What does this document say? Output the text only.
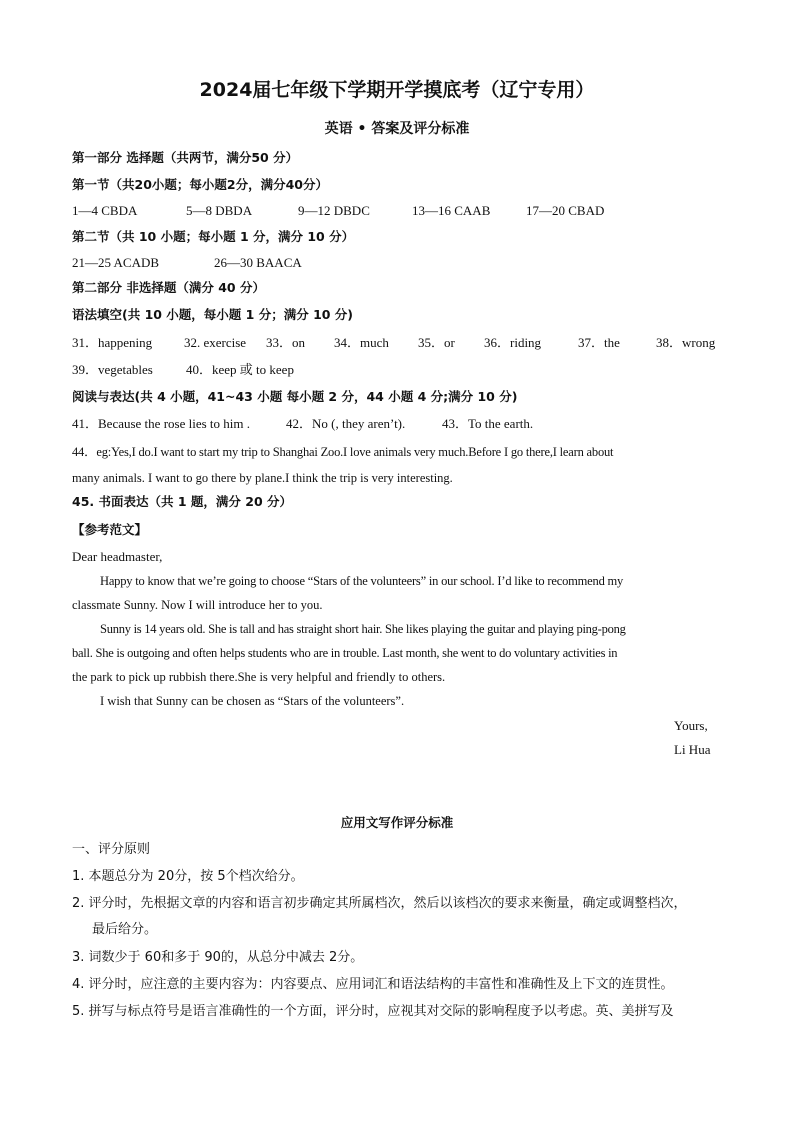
2024届七年级下学期开学摸底考（辽宁专用）
英语 • 答案及评分标准
第一部分 选择题（共两节，满分50 分）
第一节（共20小题；每小题2分，满分40分）
1—4 CBDA	5—8 DBDA	9—12 DBDC	13—16 CAAB	17—20 CBAD
第二节（共 10 小题；每小题 1 分，满分 10 分）
21—25 ACADB	26—30 BAACA
第二部分 非选择题（满分 40 分）
语法填空(共 10 小题，每小题 1 分；满分 10 分)
31．happening 32. exercise 33．on 34．much 35．or 36．riding	37．the	38．wrong
39．vegetables	40．keep 或 to keep
阅读与表达(共 4 小题，41~43 小题 每小题 2 分，44 小题 4 分;满分 10 分)
41．Because the rose lies to him .	42．No (, they aren’t).	43．To the earth.
44．eg:Yes,I do.I want to start my trip to Shanghai Zoo.I love animals very much.Before I go there,I learn about
many animals. I want to go there by plane.I think the trip is very interesting.
45. 书面表达（共 1 题，满分 20 分）
【参考范文】
Dear headmaster,
Happy to know that we’re going to choose “Stars of the volunteers” in our school. I’d like to recommend my
classmate Sunny. Now I will introduce her to you.
Sunny is 14 years old. She is tall and has straight short hair. She likes playing the guitar and playing ping-pong
ball. She is outgoing and often helps students who are in trouble. Last month, she went to do voluntary activities in
the park to pick up rubbish there.She is very helpful and friendly to others.
I wish that Sunny can be chosen as “Stars of the volunteers”.
Yours,
Li Hua
应用文写作评分标准
一、评分原则
1. 本题总分为 20分，按 5个档次给分。
2. 评分时，先根据文章的内容和语言初步确定其所属档次，然后以该档次的要求来衡量，确定或调整档次，
最后给分。
3. 词数少于 60和多于 90的，从总分中减去 2分。
4. 评分时，应注意的主要内容为：内容要点、应用词汇和语法结构的丰富性和准确性及上下文的连贯性。
5. 拼写与标点符号是语言准确性的一个方面，评分时，应视其对交际的影响程度予以考虑。英、美拼写及
